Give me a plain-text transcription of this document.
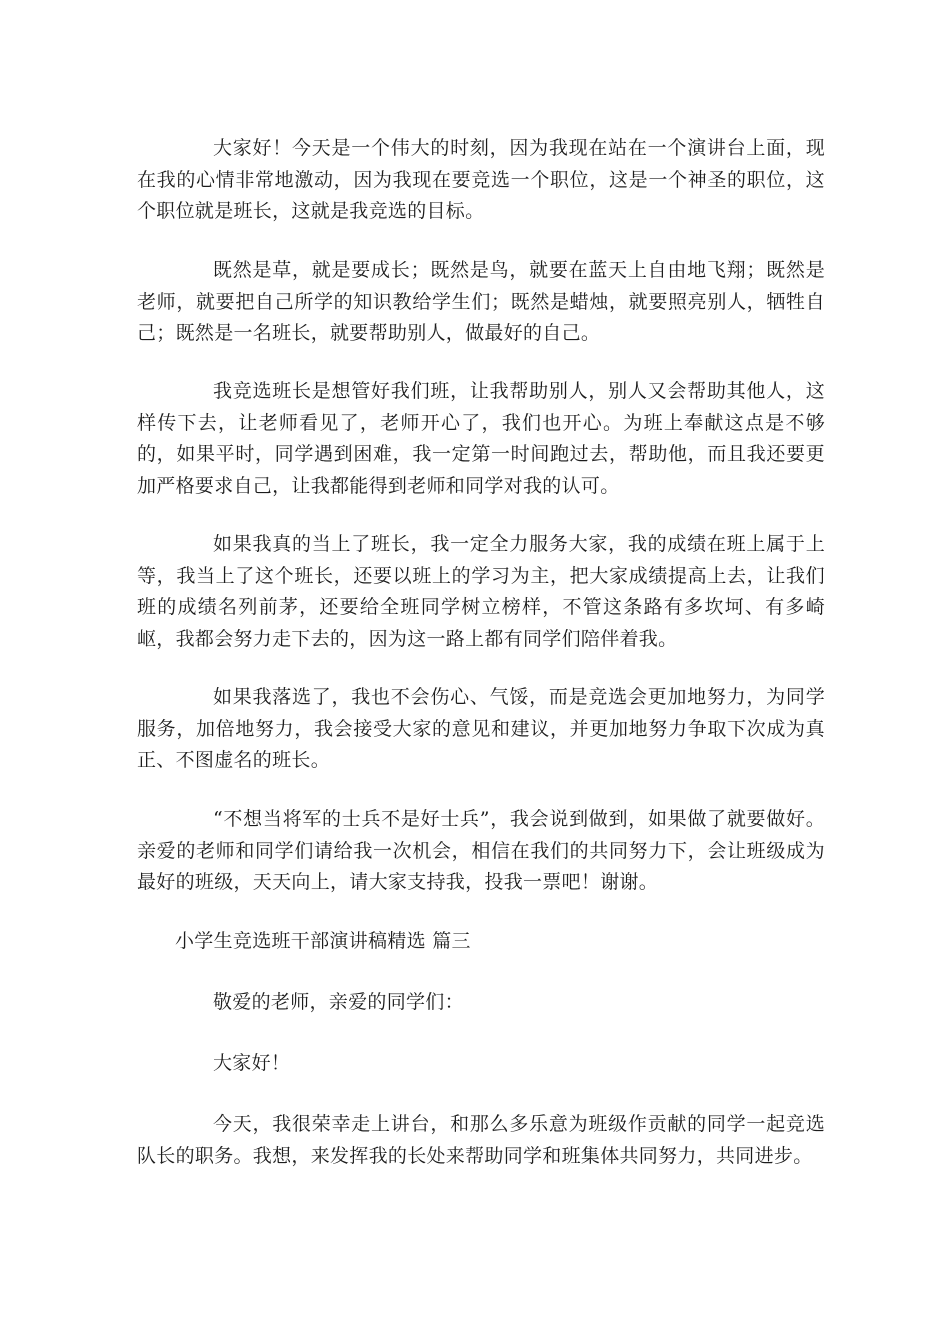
大家好！今天是一个伟大的时刻，因为我现在站在一个演讲台上面，现在我的心情非常地激动，因为我现在要竞选一个职位，这是一个神圣的职位，这个职位就是班长，这就是我竞选的目标。

既然是草，就是要成长；既然是鸟，就要在蓝天上自由地飞翔；既然是老师，就要把自己所学的知识教给学生们；既然是蜡烛，就要照亮别人，牺牲自己；既然是一名班长，就要帮助别人，做最好的自己。

我竞选班长是想管好我们班，让我帮助别人，别人又会帮助其他人，这样传下去，让老师看见了，老师开心了，我们也开心。为班上奉献这点是不够的，如果平时，同学遇到困难，我一定第一时间跑过去，帮助他，而且我还要更加严格要求自己，让我都能得到老师和同学对我的认可。

如果我真的当上了班长，我一定全力服务大家，我的成绩在班上属于上等，我当上了这个班长，还要以班上的学习为主，把大家成绩提高上去，让我们班的成绩名列前茅，还要给全班同学树立榜样，不管这条路有多坎坷、有多崎岖，我都会努力走下去的，因为这一路上都有同学们陪伴着我。

如果我落选了，我也不会伤心、气馁，而是竞选会更加地努力，为同学服务，加倍地努力，我会接受大家的意见和建议，并更加地努力争取下次成为真正、不图虚名的班长。

“不想当将军的士兵不是好士兵”，我会说到做到，如果做了就要做好。亲爱的老师和同学们请给我一次机会，相信在我们的共同努力下，会让班级成为最好的班级，天天向上，请大家支持我，投我一票吧！谢谢。

小学生竞选班干部演讲稿精选 篇三

敬爱的老师，亲爱的同学们：

大家好！

今天，我很荣幸走上讲台，和那么多乐意为班级作贡献的同学一起竞选队长的职务。我想，来发挥我的长处来帮助同学和班集体共同努力，共同进步。
